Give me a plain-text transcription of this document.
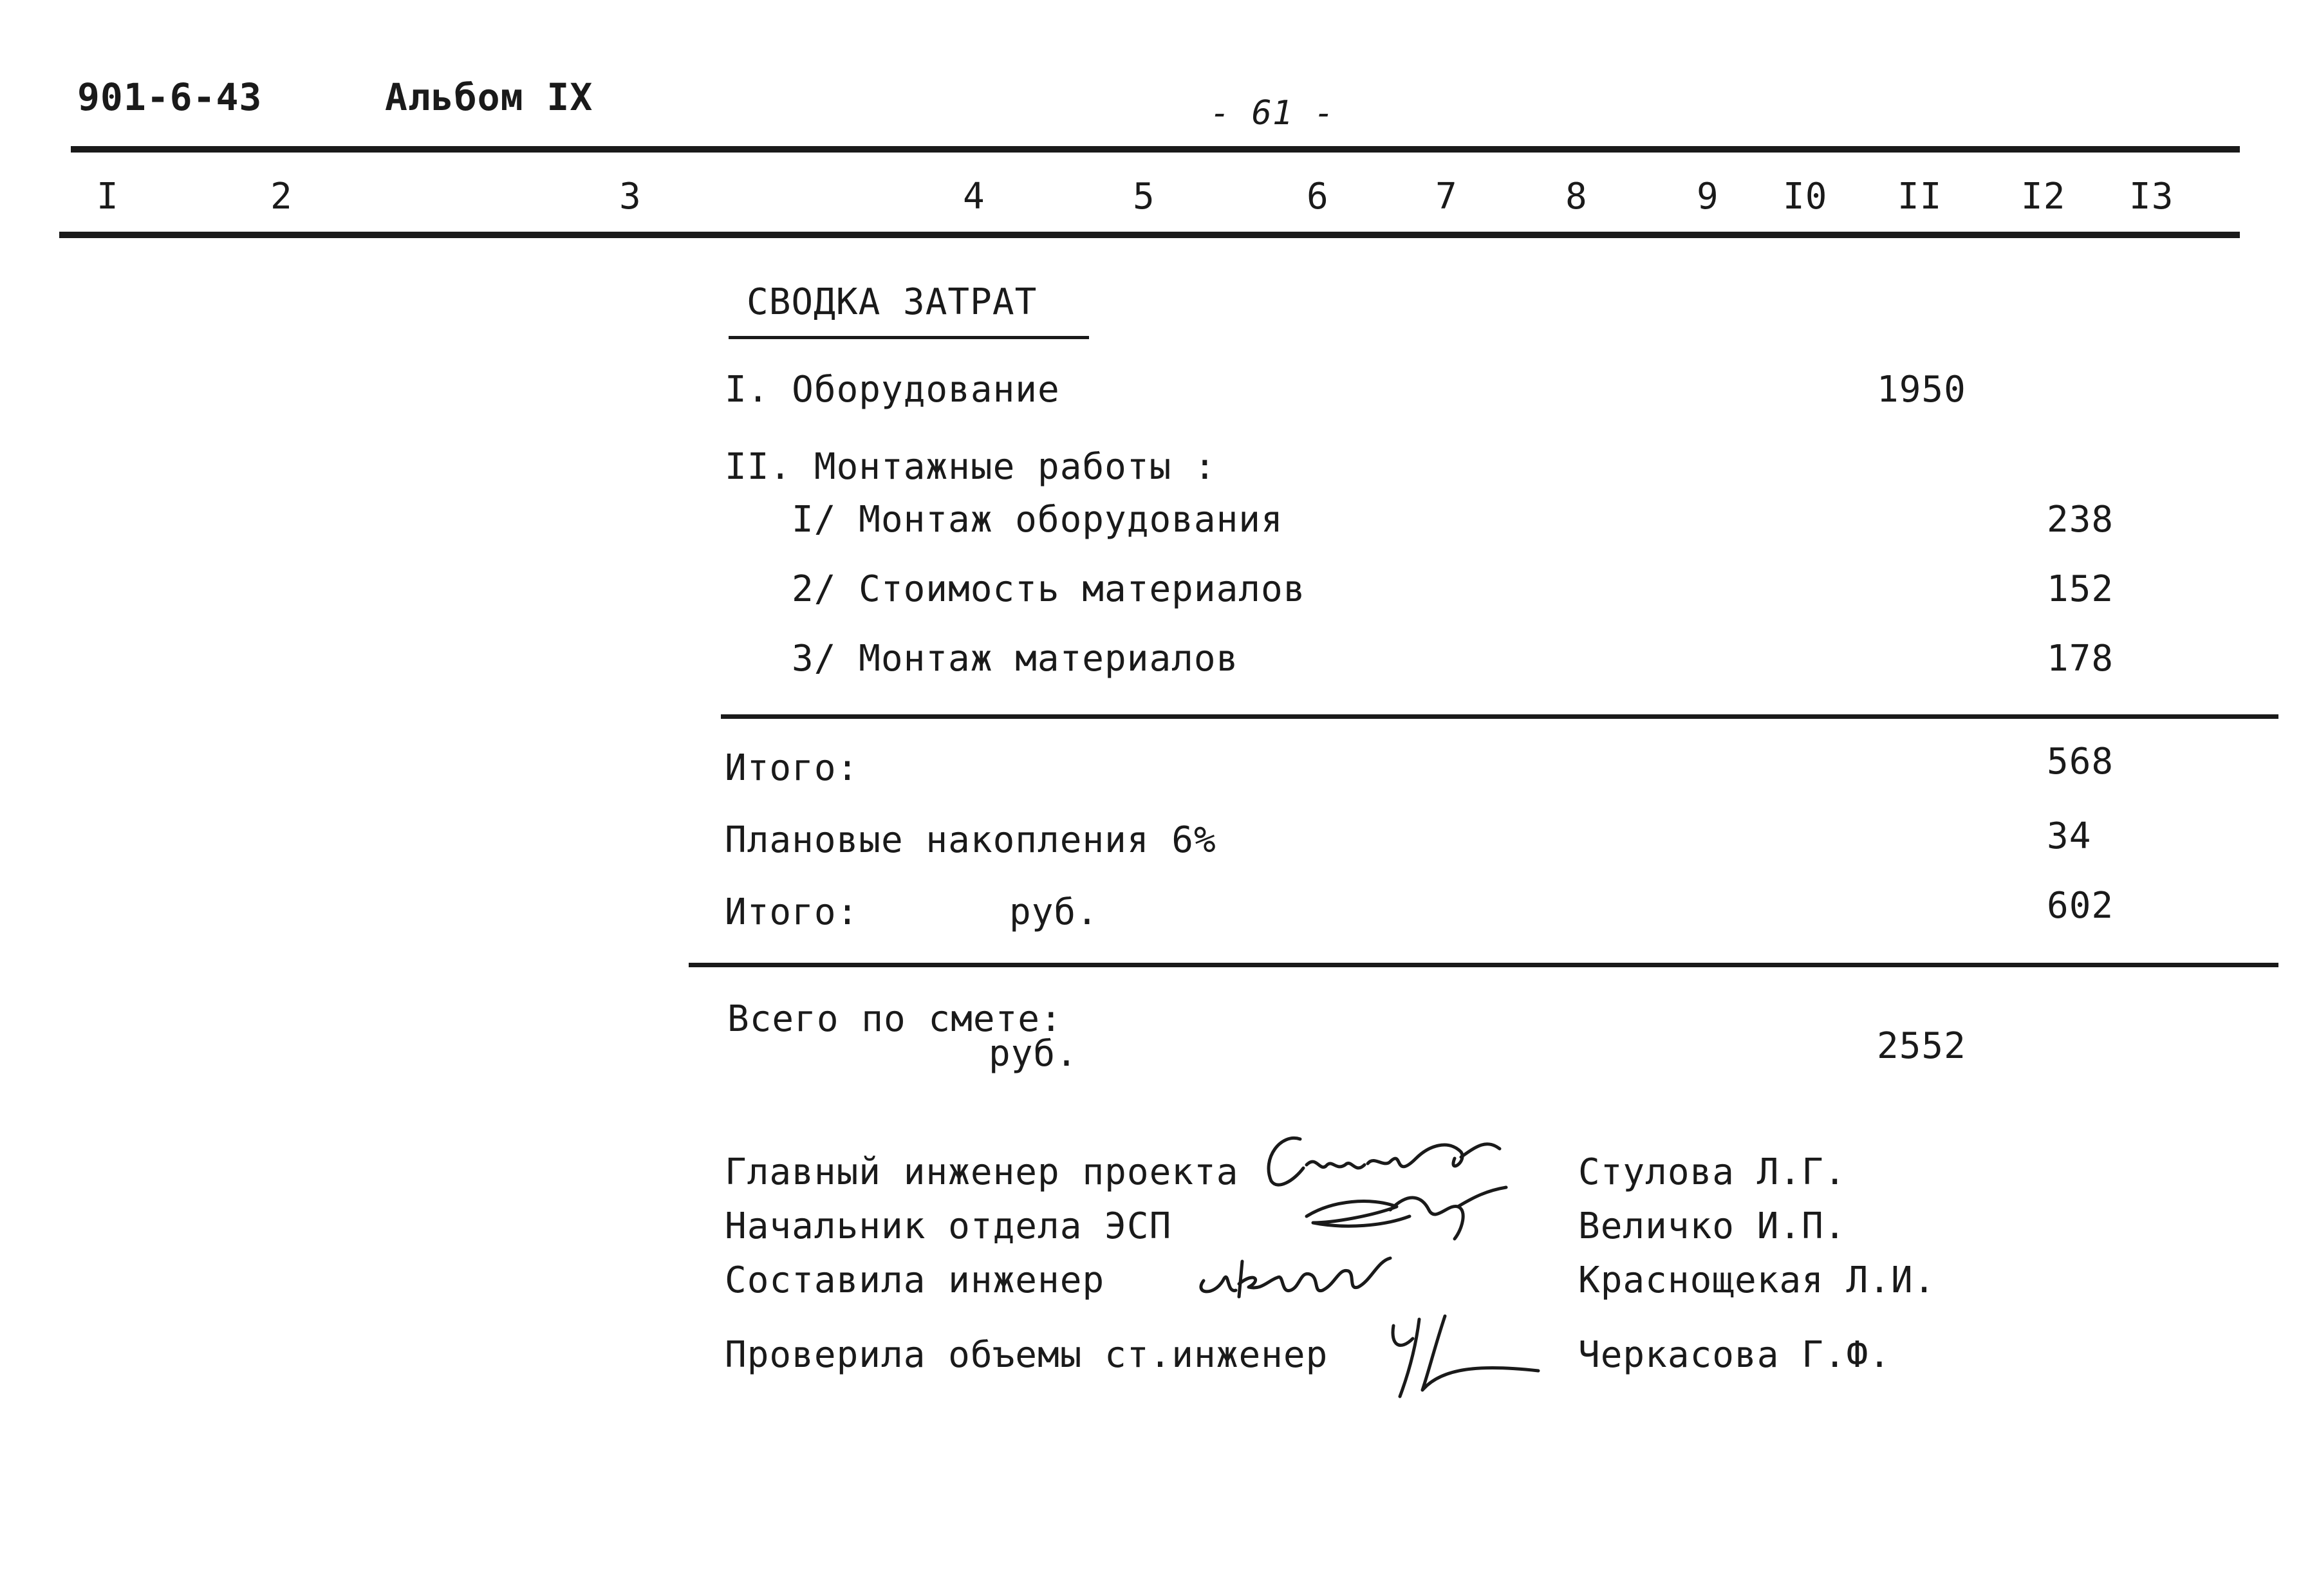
901-6-43	Альбом IX	- 61 -
I	2	3	4	5	6	7	8	9 I0 II I2 I3
СВОДКА ЗАТРАТ
I. Оборудование	1950
II. Монтажные работы :
I/ Монтаж оборудования	238
2/ Стоимость материалов	152
3/ Монтаж материалов	178
Итого:	568
Плановые накопления 6%	34
Итого:	руб.	602
Всего по смете:
руб.	2552
Главный инженер проекта	Стулова Л.Г.
Начальник отдела ЭСП	Величко И.П.
Составила инженер	Краснощекая Л.И.
Проверила объемы ст.инженер	Черкасова Г.Ф.
